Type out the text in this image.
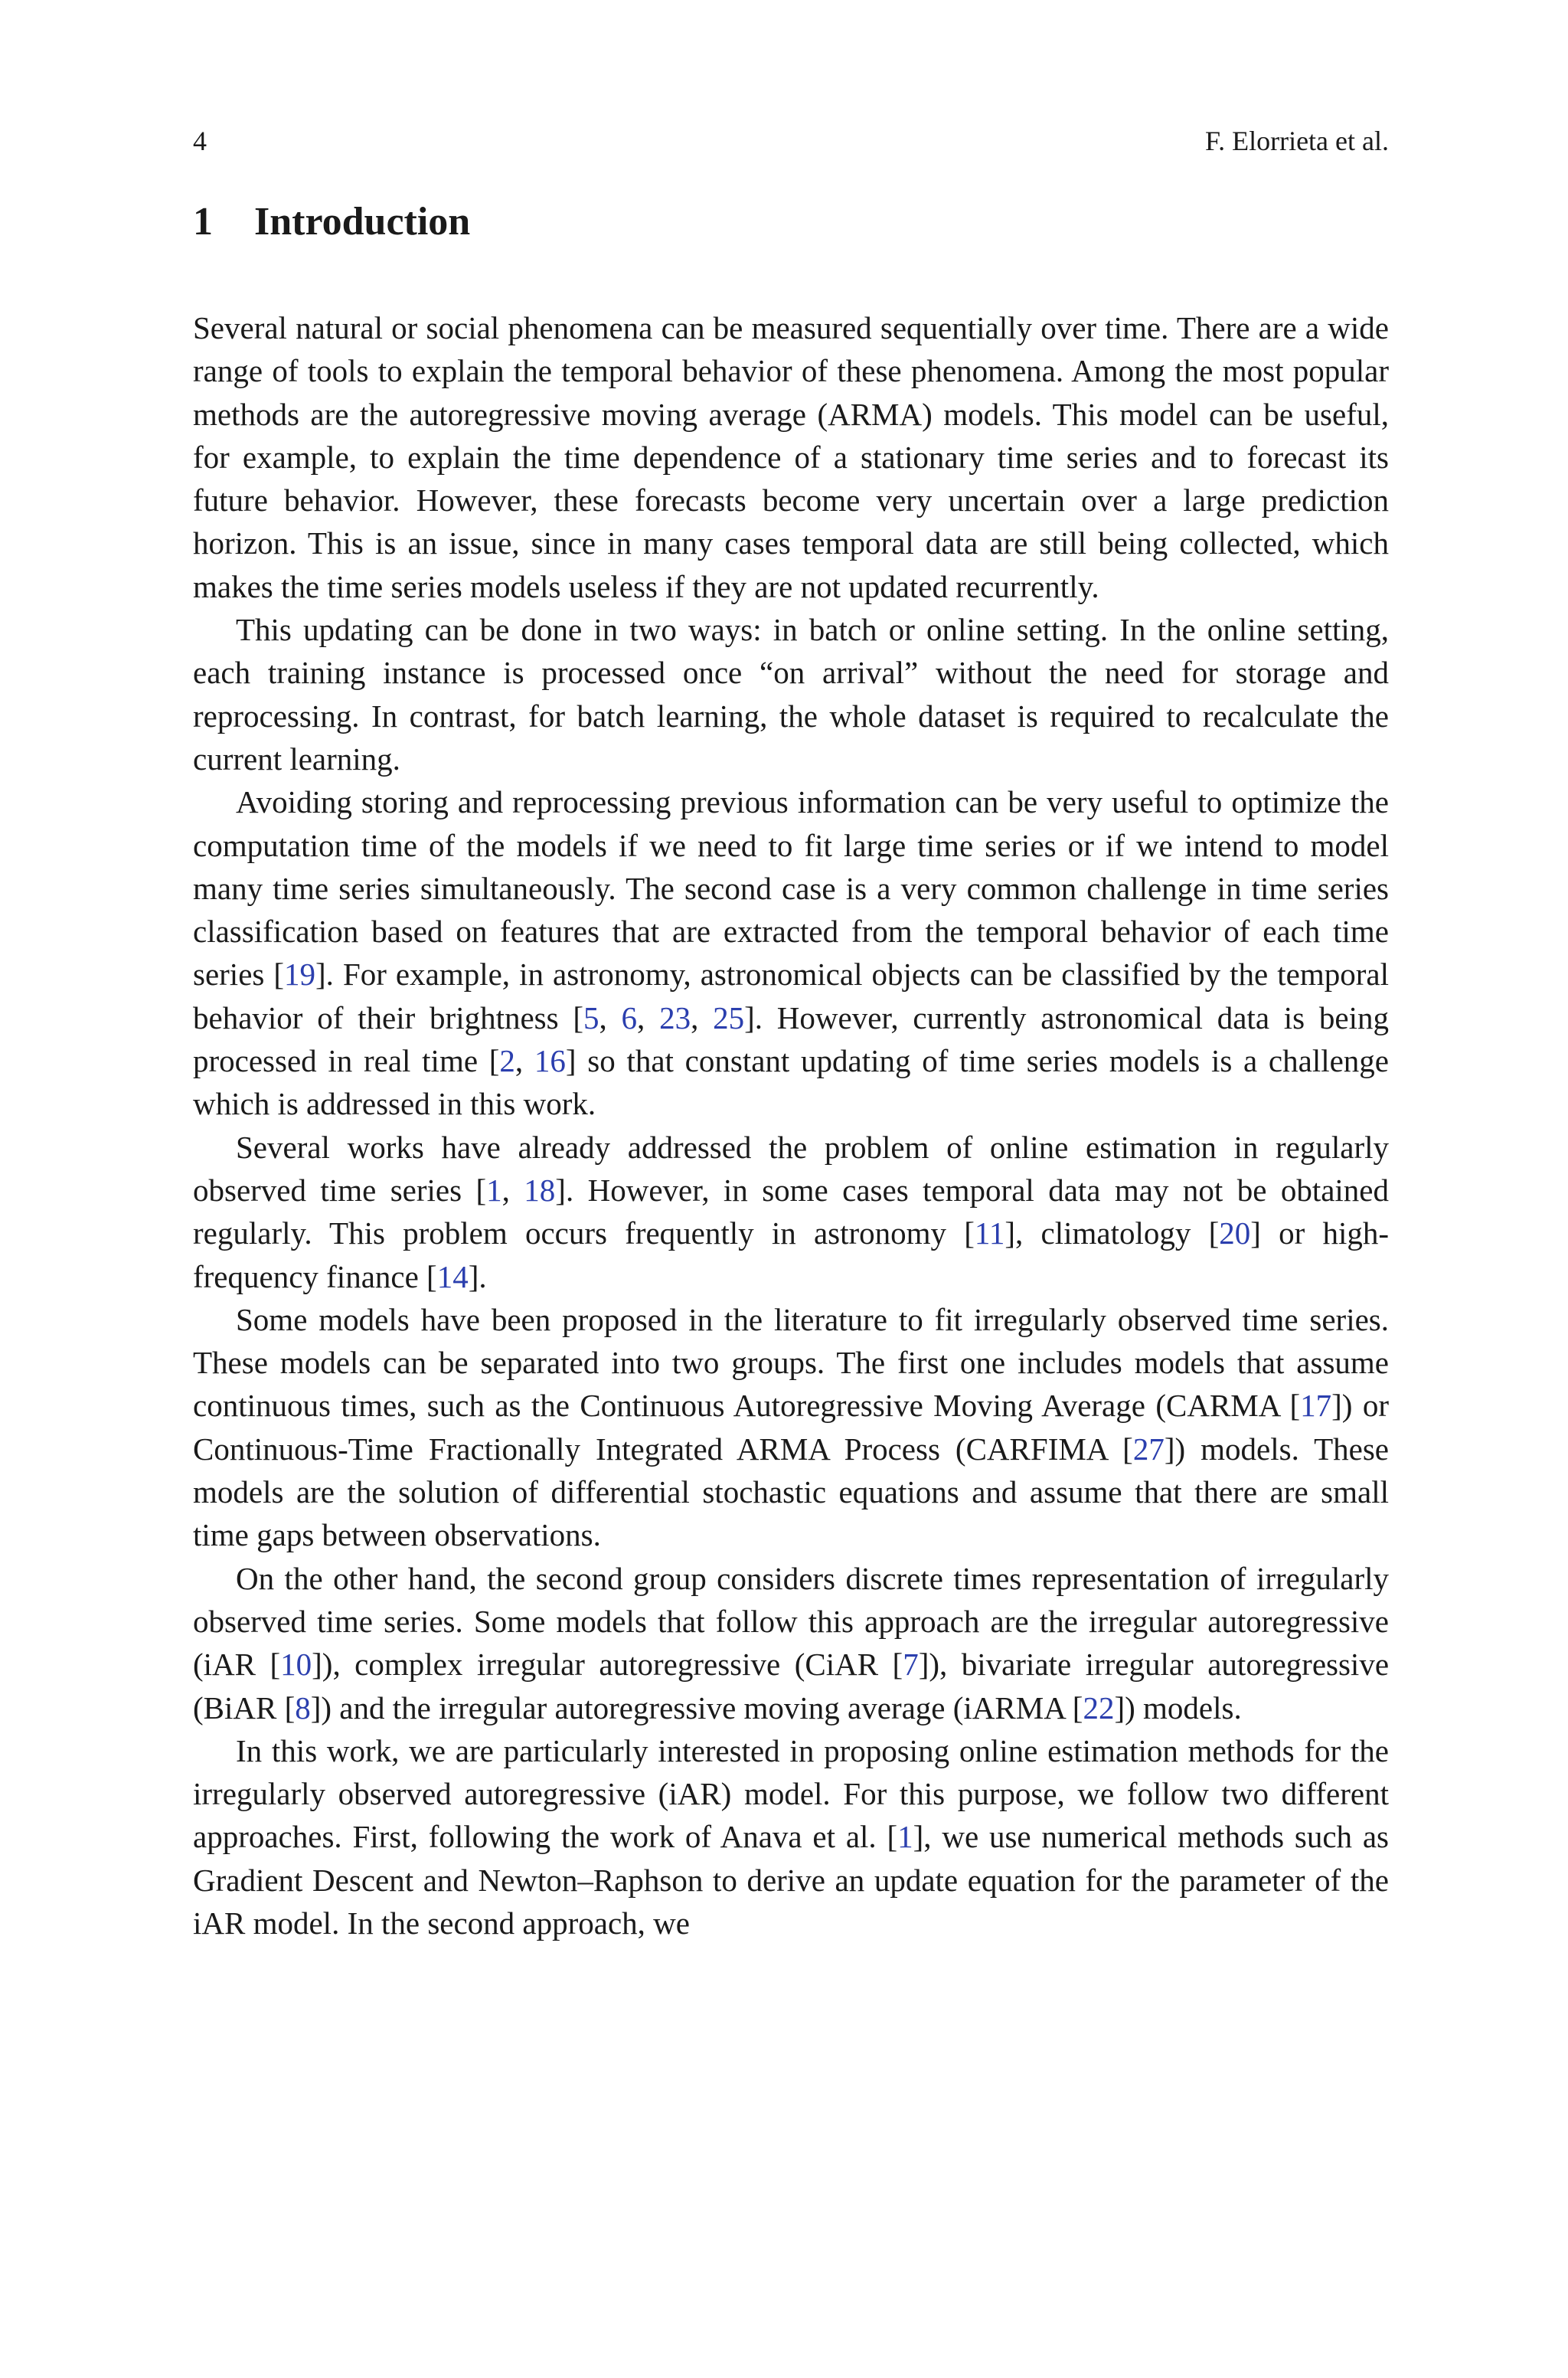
4	F. Elorrieta et al.
1 Introduction

Several natural or social phenomena can be measured sequentially over time. There are a wide range of tools to explain the temporal behavior of these phenomena. Among the most popular methods are the autoregressive moving average (ARMA) models. This model can be useful, for example, to explain the time dependence of a stationary time series and to forecast its future behavior. However, these forecasts become very uncertain over a large prediction horizon. This is an issue, since in many cases temporal data are still being collected, which makes the time series models useless if they are not updated recurrently.

This updating can be done in two ways: in batch or online setting. In the online setting, each training instance is processed once “on arrival” without the need for storage and reprocessing. In contrast, for batch learning, the whole dataset is required to recalculate the current learning.

Avoiding storing and reprocessing previous information can be very useful to optimize the computation time of the models if we need to fit large time series or if we intend to model many time series simultaneously. The second case is a very common challenge in time series classification based on features that are extracted from the temporal behavior of each time series [19]. For example, in astronomy, astronomical objects can be classified by the temporal behavior of their brightness [5, 6, 23, 25]. However, currently astronomical data is being processed in real time [2, 16] so that constant updating of time series models is a challenge which is addressed in this work.

Several works have already addressed the problem of online estimation in regularly observed time series [1, 18]. However, in some cases temporal data may not be obtained regularly. This problem occurs frequently in astronomy [11], climatology [20] or high-frequency finance [14].

Some models have been proposed in the literature to fit irregularly observed time series. These models can be separated into two groups. The first one includes models that assume continuous times, such as the Continuous Autoregressive Moving Average (CARMA [17]) or Continuous-Time Fractionally Integrated ARMA Process (CARFIMA [27]) models. These models are the solution of differential stochastic equations and assume that there are small time gaps between observations.

On the other hand, the second group considers discrete times representation of irregularly observed time series. Some models that follow this approach are the irregular autoregressive (iAR [10]), complex irregular autoregressive (CiAR [7]), bivariate irregular autoregressive (BiAR [8]) and the irregular autoregressive moving average (iARMA [22]) models.

In this work, we are particularly interested in proposing online estimation methods for the irregularly observed autoregressive (iAR) model. For this purpose, we follow two different approaches. First, following the work of Anava et al. [1], we use numerical methods such as Gradient Descent and Newton–Raphson to derive an update equation for the parameter of the iAR model. In the second approach, we
